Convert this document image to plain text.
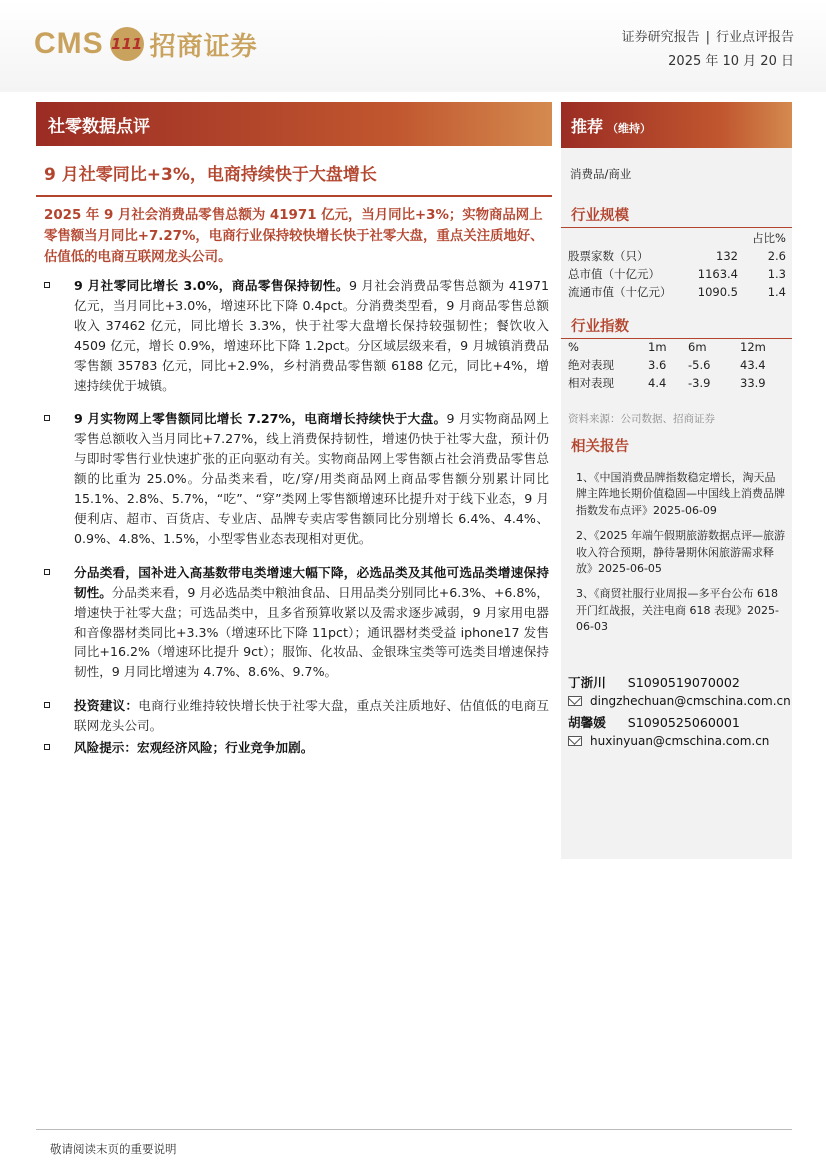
CMS 111 招商证券	证券研究报告 | 行业点评报告
2025 年 10 月 20 日
社零数据点评
9 月社零同比+3%，电商持续快于大盘增长
2025 年 9 月社会消费品零售总额为 41971 亿元，当月同比+3%；实物商品网上零售额当月同比+7.27%，电商行业保持较快增长快于社零大盘，重点关注质地好、估值低的电商互联网龙头公司。
9 月社零同比增长 3.0%，商品零售保持韧性。9 月社会消费品零售总额为 41971 亿元，当月同比+3.0%，增速环比下降 0.4pct。分消费类型看，9 月商品零售总额收入 37462 亿元，同比增长 3.3%，快于社零大盘增长保持较强韧性；餐饮收入 4509 亿元，增长 0.9%，增速环比下降 1.2pct。分区域层级来看，9 月城镇消费品零售额 35783 亿元，同比+2.9%，乡村消费品零售额 6188 亿元，同比+4%，增速持续优于城镇。
9 月实物网上零售额同比增长 7.27%，电商增长持续快于大盘。9 月实物商品网上零售总额收入当月同比+7.27%，线上消费保持韧性，增速仍快于社零大盘，预计仍与即时零售行业快速扩张的正向驱动有关。实物商品网上零售额占社会消费品零售总额的比重为 25.0%。分品类来看，吃/穿/用类商品网上商品零售额分别累计同比 15.1%、2.8%、5.7%，“吃”、“穿”类网上零售额增速环比提升对于线下业态，9 月便利店、超市、百货店、专业店、品牌专卖店零售额同比分别增长 6.4%、4.4%、0.9%、4.8%、1.5%，小型零售业态表现相对更优。
分品类看，国补进入高基数带电类增速大幅下降，必选品类及其他可选品类增速保持韧性。分品类来看，9 月必选品类中粮油食品、日用品类分别同比+6.3%、+6.8%，增速快于社零大盘；可选品类中，且多省预算收紧以及需求逐步减弱，9 月家用电器和音像器材类同比+3.3%（增速环比下降 11pct）；通讯器材类受益 iphone17 发售 同比+16.2%（增速环比提升 9ct）；服饰、化妆品、金银珠宝类等可选类目增速保持韧性，9 月同比增速为 4.7%、8.6%、9.7%。
投资建议：电商行业维持较快增长快于社零大盘，重点关注质地好、估值低的电商互联网龙头公司。
风险提示：宏观经济风险；行业竞争加剧。
推荐 （维持）
消费品/商业
行业规模
		占比%
股票家数（只）	132	2.6
总市值（十亿元）	1163.4	1.3
流通市值（十亿元）	1090.5	1.4
行业指数
%	1m	6m	12m
绝对表现	3.6	-5.6	43.4
相对表现	4.4	-3.9	33.9
资料来源：公司数据、招商证券
相关报告
1、《中国消费品牌指数稳定增长，淘天品牌主阵地长期价值稳固—中国线上消费品牌指数发布点评》2025-06-09
2、《2025 年端午假期旅游数据点评—旅游收入符合预期，静待暑期休闲旅游需求释放》2025-06-05
3、《商贸社服行业周报—多平台公布 618 开门红战报，关注电商 618 表现》2025-06-03
丁浙川 S1090519070002
dingzhechuan@cmschina.com.cn
胡馨媛 S1090525060001
huxinyuan@cmschina.com.cn
敬请阅读末页的重要说明
